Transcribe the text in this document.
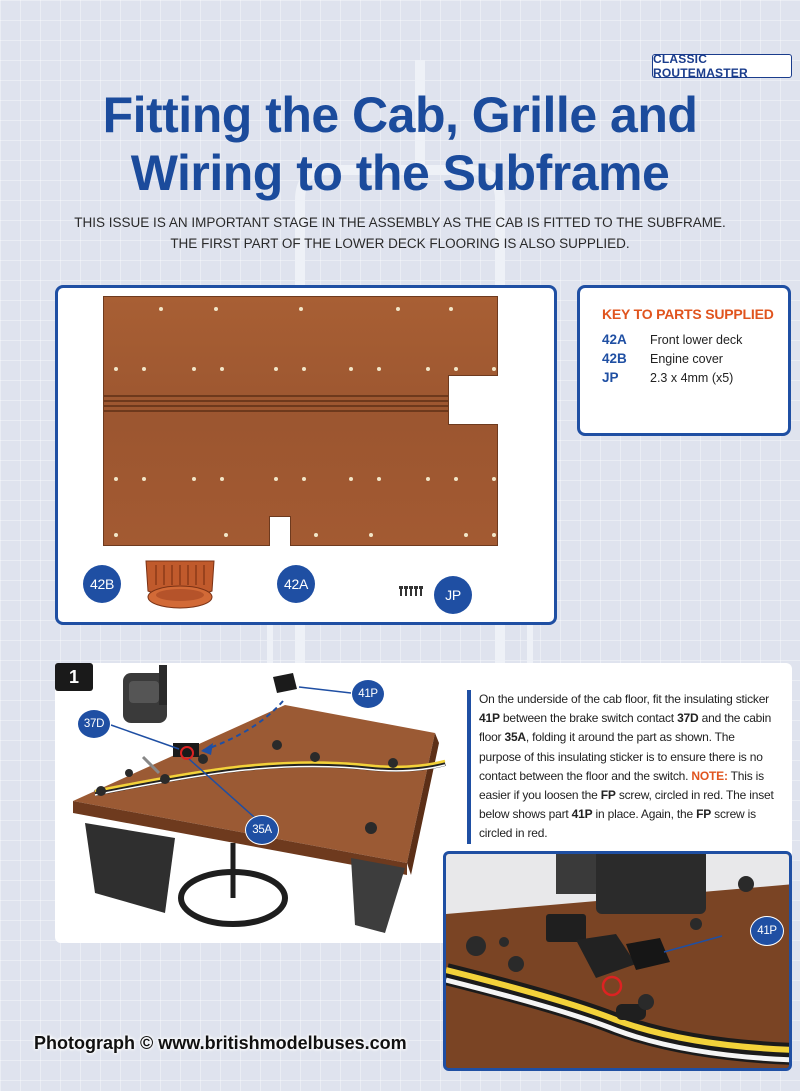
CLASSIC ROUTEMASTER
Fitting the Cab, Grille and
Wiring to the Subframe
THIS ISSUE IS AN IMPORTANT STAGE IN THE ASSEMBLY AS THE CAB IS FITTED TO THE SUBFRAME.
THE FIRST PART OF THE LOWER DECK FLOORING IS ALSO SUPPLIED.
42B	42A
JP
KEY TO PARTS SUPPLIED
42A Front lower deck
42B Engine cover
JP	2.3 x 4mm (x5)
1
41P
37D
35A
On the underside of the cab floor, fit the insulating sticker 41P between the brake switch contact 37D and the cabin floor 35A, folding it around the part as shown. The purpose of this insulating sticker is to ensure there is no contact between the floor and the switch. NOTE: This is easier if you loosen the FP screw, circled in red. The inset below shows part 41P in place. Again, the FP screw is circled in red.
41P
Photograph © www.britishmodelbuses.com
